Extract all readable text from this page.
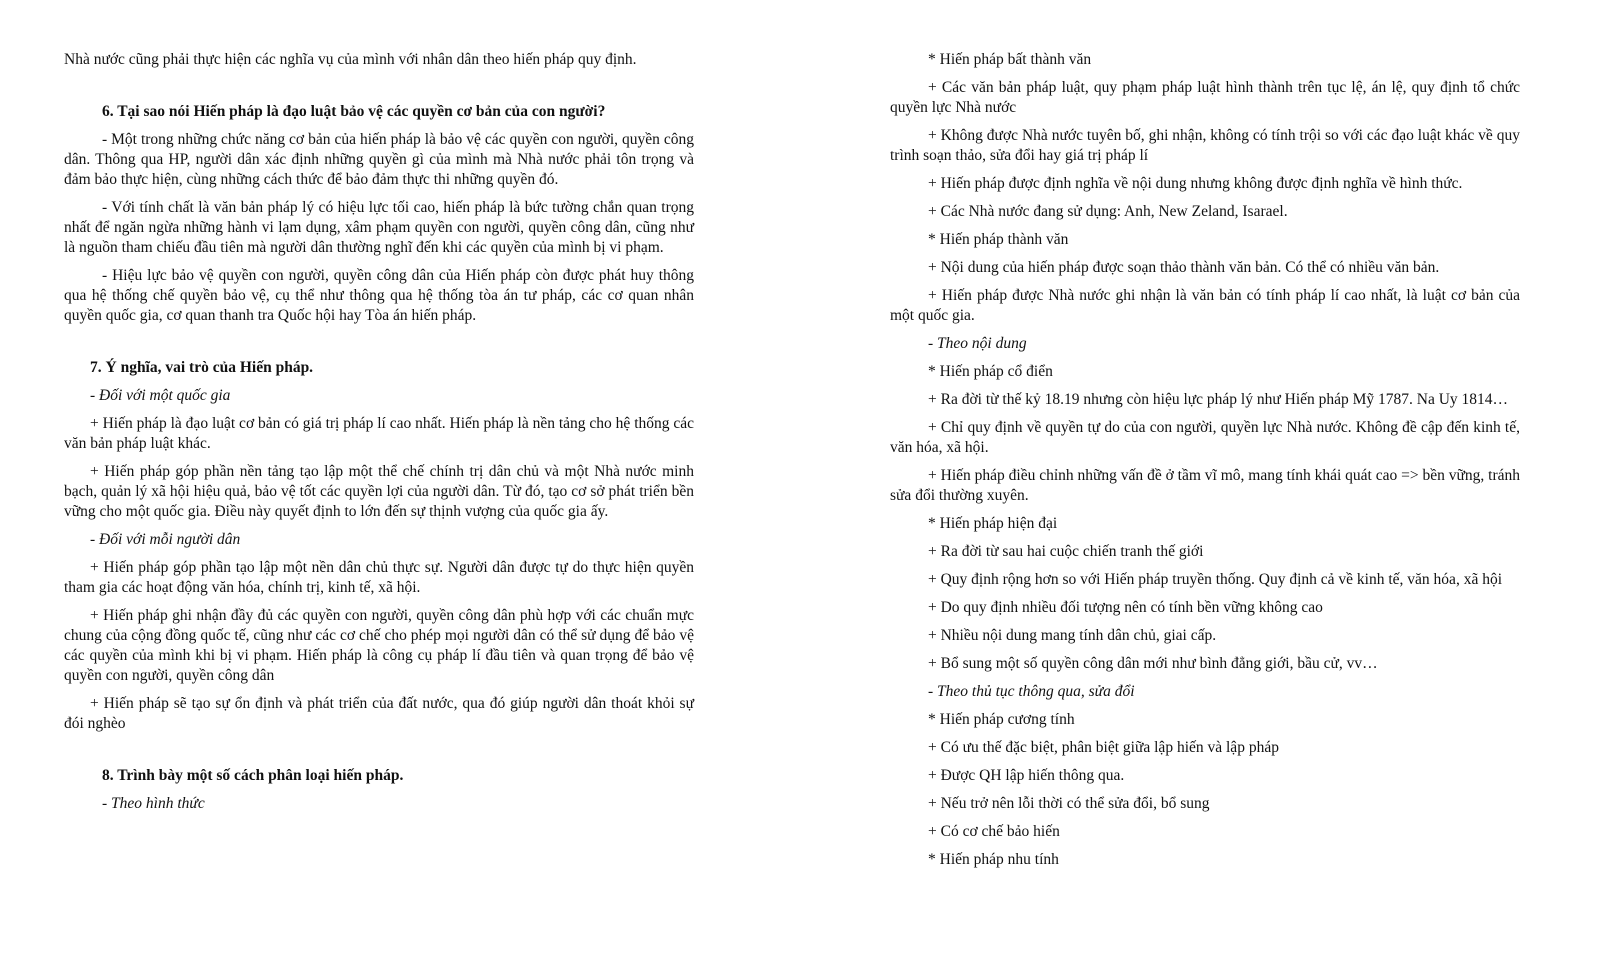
Nhà nước cũng phải thực hiện các nghĩa vụ của mình với nhân dân theo hiến pháp quy định.

6. Tại sao nói Hiến pháp là đạo luật bảo vệ các quyền cơ bản của con người?

- Một trong những chức năng cơ bản của hiến pháp là bảo vệ các quyền con người, quyền công dân. Thông qua HP, người dân xác định những quyền gì của mình mà Nhà nước phải tôn trọng và đảm bảo thực hiện, cùng những cách thức để bảo đảm thực thi những quyền đó.

- Với tính chất là văn bản pháp lý có hiệu lực tối cao, hiến pháp là bức tường chắn quan trọng nhất để ngăn ngừa những hành vi lạm dụng, xâm phạm quyền con người, quyền công dân, cũng như là nguồn tham chiếu đầu tiên mà người dân thường nghĩ đến khi các quyền của mình bị vi phạm.

- Hiệu lực bảo vệ quyền con người, quyền công dân của Hiến pháp còn được phát huy thông qua hệ thống chế quyền bảo vệ, cụ thể như thông qua hệ thống tòa án tư pháp, các cơ quan nhân quyền quốc gia, cơ quan thanh tra Quốc hội hay Tòa án hiến pháp.

7. Ý nghĩa, vai trò của Hiến pháp.

- Đối với một quốc gia

+ Hiến pháp là đạo luật cơ bản có giá trị pháp lí cao nhất. Hiến pháp là nền tảng cho hệ thống các văn bản pháp luật khác.

+ Hiến pháp góp phần nền tảng tạo lập một thể chế chính trị dân chủ và một Nhà nước minh bạch, quản lý xã hội hiệu quả, bảo vệ tốt các quyền lợi của người dân. Từ đó, tạo cơ sở phát triển bền vững cho một quốc gia. Điều này quyết định to lớn đến sự thịnh vượng của quốc gia ấy.

- Đối với mỗi người dân

+ Hiến pháp góp phần tạo lập một nền dân chủ thực sự. Người dân được tự do thực hiện quyền tham gia các hoạt động văn hóa, chính trị, kinh tế, xã hội.

+ Hiến pháp ghi nhận đầy đủ các quyền con người, quyền công dân phù hợp với các chuẩn mực chung của cộng đồng quốc tế, cũng như các cơ chế cho phép mọi người dân có thể sử dụng để bảo vệ các quyền của mình khi bị vi phạm. Hiến pháp là công cụ pháp lí đầu tiên và quan trọng để bảo vệ quyền con người, quyền công dân

+ Hiến pháp sẽ tạo sự ổn định và phát triển của đất nước, qua đó giúp người dân thoát khỏi sự đói nghèo

8. Trình bày một số cách phân loại hiến pháp.

- Theo hình thức

* Hiến pháp bất thành văn

+ Các văn bản pháp luật, quy phạm pháp luật hình thành trên tục lệ, án lệ, quy định tổ chức quyền lực Nhà nước

+ Không được Nhà nước tuyên bố, ghi nhận, không có tính trội so với các đạo luật khác về quy trình soạn thảo, sửa đổi hay giá trị pháp lí

+ Hiến pháp được định nghĩa về nội dung nhưng không được định nghĩa về hình thức.

+ Các Nhà nước đang sử dụng: Anh, New Zeland, Isarael.

* Hiến pháp thành văn

+ Nội dung của hiến pháp được soạn thảo thành văn bản. Có thể có nhiều văn bản.

+ Hiến pháp được Nhà nước ghi nhận là văn bản có tính pháp lí cao nhất, là luật cơ bản của một quốc gia.

- Theo nội dung

* Hiến pháp cổ điển

+ Ra đời từ thế kỷ 18.19 nhưng còn hiệu lực pháp lý như Hiến pháp Mỹ 1787. Na Uy 1814…

+ Chỉ quy định về quyền tự do của con người, quyền lực Nhà nước. Không đề cập đến kinh tế, văn hóa, xã hội.

+ Hiến pháp điều chỉnh những vấn đề ở tầm vĩ mô, mang tính khái quát cao => bền vững, tránh sửa đổi thường xuyên.

* Hiến pháp hiện đại

+ Ra đời từ sau hai cuộc chiến tranh thế giới

+ Quy định rộng hơn so với Hiến pháp truyền thống. Quy định cả về kinh tế, văn hóa, xã hội

+ Do quy định nhiều đối tượng nên có tính bền vững không cao

+ Nhiều nội dung mang tính dân chủ, giai cấp.

+ Bổ sung một số quyền công dân mới như bình đẳng giới, bầu cử, vv…

- Theo thủ tục thông qua, sửa đổi

* Hiến pháp cương tính

+ Có ưu thế đặc biệt, phân biệt giữa lập hiến và lập pháp

+ Được QH lập hiến thông qua.

+ Nếu trở nên lỗi thời có thể sửa đổi, bổ sung

+ Có cơ chế bảo hiến

* Hiến pháp nhu tính
